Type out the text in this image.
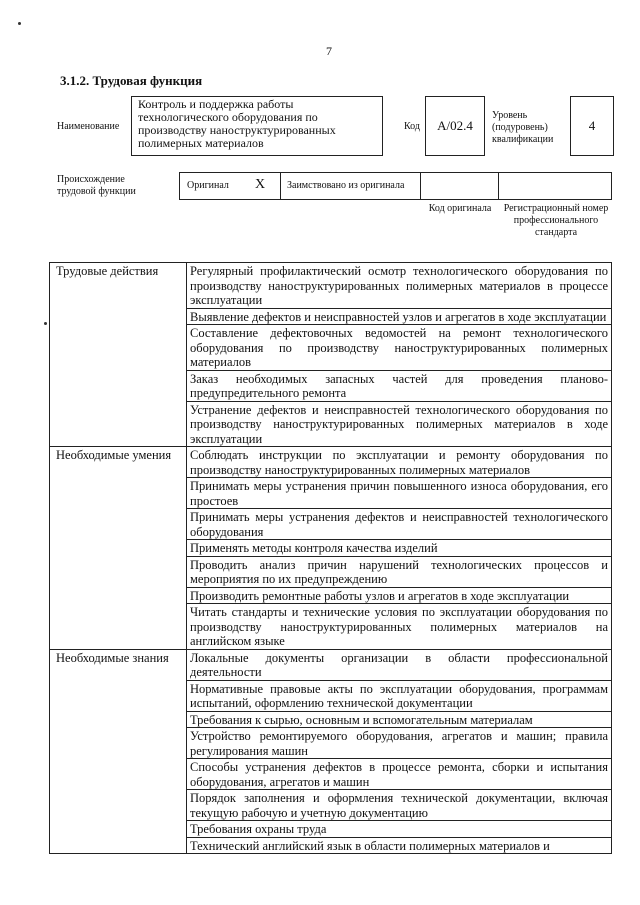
7
3.1.2. Трудовая функция
Наименование
Контроль и поддержка работы технологического оборудования по производству наноструктурированных полимерных материалов
Код A/02.4
Уровень (подуровень) квалификации
4
Происхождение трудовой функции
Оригинал X Заимствовано из оригинала
Код оригинала Регистрационный номер профессионального стандарта
Трудовые действия	Регулярный профилактический осмотр технологического оборудования по производству наноструктурированных полимерных материалов в процессе эксплуатации
	Выявление дефектов и неисправностей узлов и агрегатов в ходе эксплуатации
	Составление дефектовочных ведомостей на ремонт технологического оборудования по производству наноструктурированных полимерных материалов
	Заказ необходимых запасных частей для проведения планово-предупредительного ремонта
	Устранение дефектов и неисправностей технологического оборудования по производству наноструктурированных полимерных материалов в ходе эксплуатации
Необходимые умения	Соблюдать инструкции по эксплуатации и ремонту оборудования по производству наноструктурированных полимерных материалов
	Принимать меры устранения причин повышенного износа оборудования, его простоев
	Принимать меры устранения дефектов и неисправностей технологического оборудования
	Применять методы контроля качества изделий
	Проводить анализ причин нарушений технологических процессов и мероприятия по их предупреждению
	Производить ремонтные работы узлов и агрегатов в ходе эксплуатации
	Читать стандарты и технические условия по эксплуатации оборудования по производству наноструктурированных полимерных материалов на английском языке
Необходимые знания	Локальные документы организации в области профессиональной деятельности
	Нормативные правовые акты по эксплуатации оборудования, программам испытаний, оформлению технической документации
	Требования к сырью, основным и вспомогательным материалам
	Устройство ремонтируемого оборудования, агрегатов и машин; правила регулирования машин
	Способы устранения дефектов в процессе ремонта, сборки и испытания оборудования, агрегатов и машин
	Порядок заполнения и оформления технической документации, включая текущую рабочую и учетную документацию
	Требования охраны труда
	Технический английский язык в области полимерных материалов и
